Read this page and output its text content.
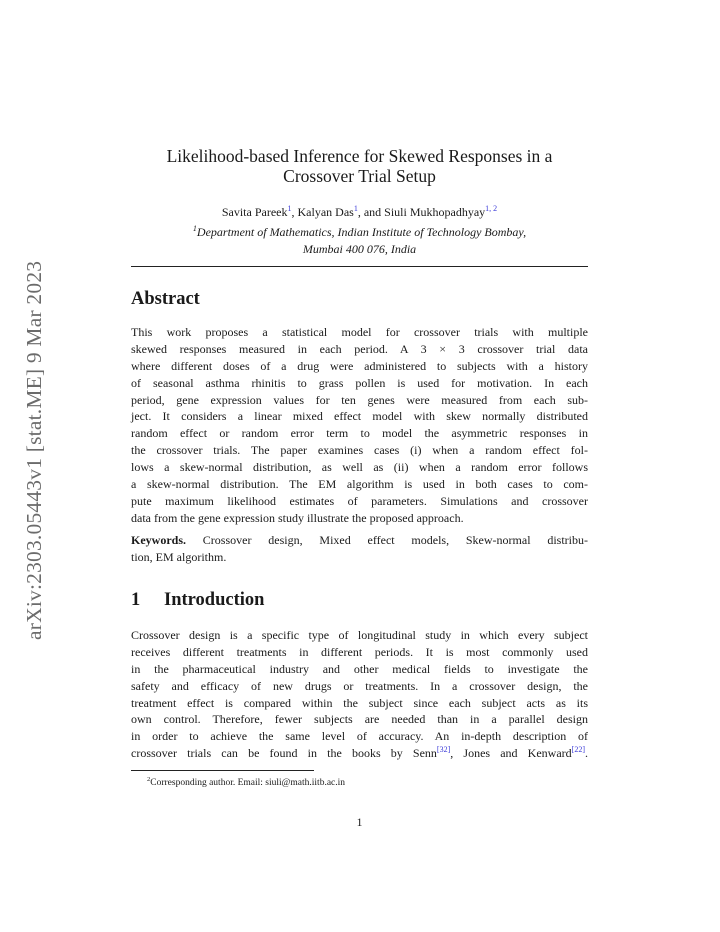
arXiv:2303.05443v1 [stat.ME] 9 Mar 2023
Likelihood-based Inference for Skewed Responses in a
Crossover Trial Setup
Savita Pareek$^1$, Kalyan Das$^1$, and Siuli Mukhopadhyay$^{1, 2}$
$^1$Department of Mathematics, Indian Institute of Technology Bombay,
Mumbai 400 076, India
Abstract
This work proposes a statistical model for crossover trials with multiple
skewed responses measured in each period. A 3 × 3 crossover trial data
where different doses of a drug were administered to subjects with a history
of seasonal asthma rhinitis to grass pollen is used for motivation. In each
period, gene expression values for ten genes were measured from each sub-
ject. It considers a linear mixed effect model with skew normally distributed
random effect or random error term to model the asymmetric responses in
the crossover trials. The paper examines cases (i) when a random effect fol-
lows a skew-normal distribution, as well as (ii) when a random error follows
a skew-normal distribution. The EM algorithm is used in both cases to com-
pute maximum likelihood estimates of parameters. Simulations and crossover
data from the gene expression study illustrate the proposed approach.
Keywords. Crossover design, Mixed effect models, Skew-normal distribu-
tion, EM algorithm.
1 Introduction
Crossover design is a specific type of longitudinal study in which every subject
receives different treatments in different periods. It is most commonly used
in the pharmaceutical industry and other medical fields to investigate the
safety and efficacy of new drugs or treatments. In a crossover design, the
treatment effect is compared within the subject since each subject acts as its
own control. Therefore, fewer subjects are needed than in a parallel design
in order to achieve the same level of accuracy. An in-depth description of
crossover trials can be found in the books by Senn[32], Jones and Kenward[22].
$^2$Corresponding author. Email: siuli@math.iitb.ac.in
1
